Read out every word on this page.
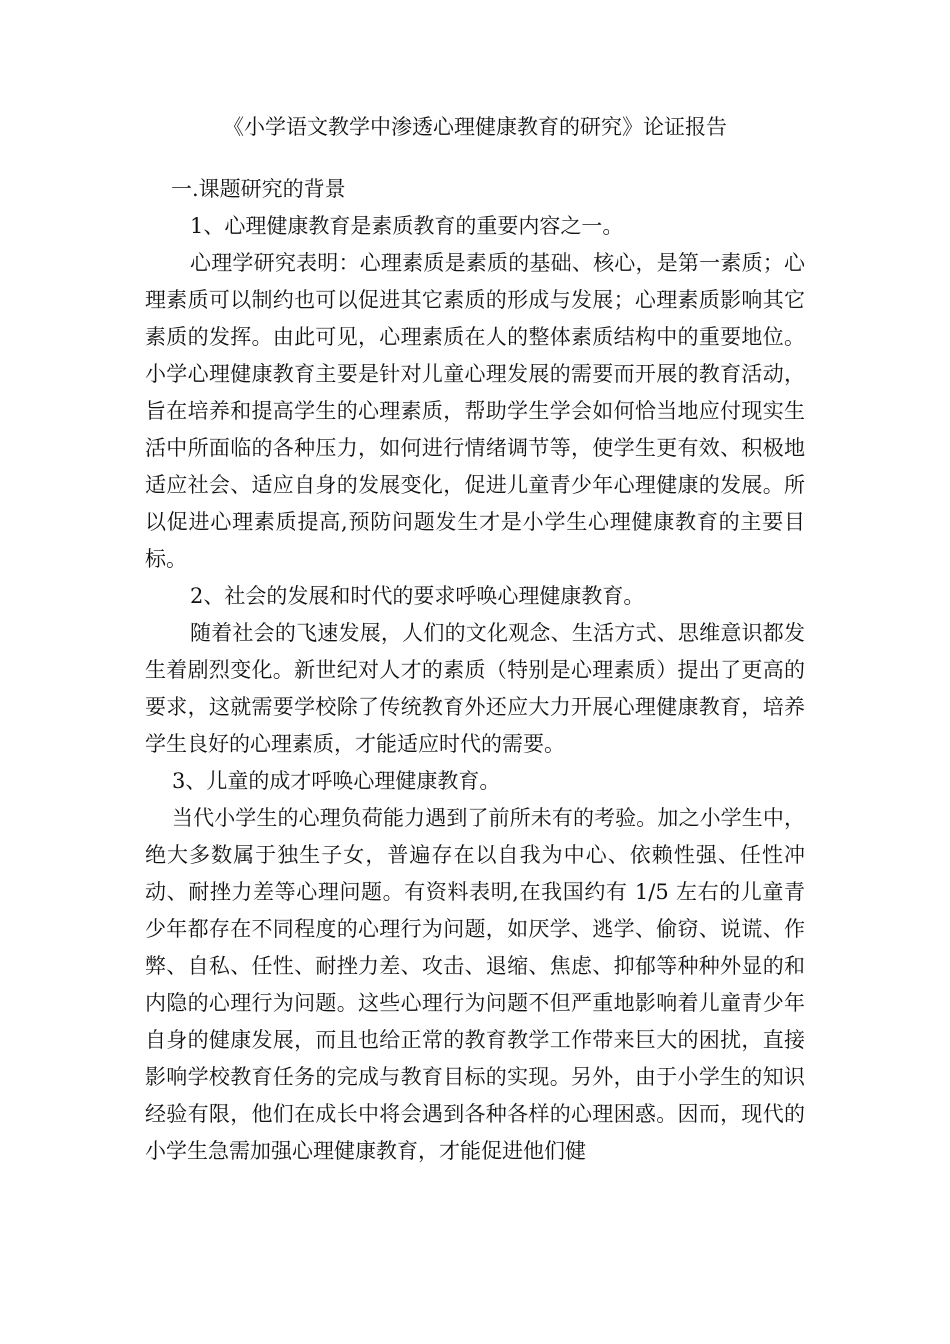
《小学语文教学中渗透心理健康教育的研究》论证报告

一.课题研究的背景

1、心理健康教育是素质教育的重要内容之一。

心理学研究表明：心理素质是素质的基础、核心，是第一素质；心理素质可以制约也可以促进其它素质的形成与发展；心理素质影响其它素质的发挥。由此可见，心理素质在人的整体素质结构中的重要地位。小学心理健康教育主要是针对儿童心理发展的需要而开展的教育活动，旨在培养和提高学生的心理素质，帮助学生学会如何恰当地应付现实生活中所面临的各种压力，如何进行情绪调节等，使学生更有效、积极地适应社会、适应自身的发展变化，促进儿童青少年心理健康的发展。所以促进心理素质提高,预防问题发生才是小学生心理健康教育的主要目标。

2、社会的发展和时代的要求呼唤心理健康教育。

随着社会的飞速发展，人们的文化观念、生活方式、思维意识都发生着剧烈变化。新世纪对人才的素质（特别是心理素质）提出了更高的要求，这就需要学校除了传统教育外还应大力开展心理健康教育，培养学生良好的心理素质，才能适应时代的需要。

3、儿童的成才呼唤心理健康教育。

当代小学生的心理负荷能力遇到了前所未有的考验。加之小学生中，绝大多数属于独生子女，普遍存在以自我为中心、依赖性强、任性冲动、耐挫力差等心理问题。有资料表明,在我国约有 1/5 左右的儿童青少年都存在不同程度的心理行为问题，如厌学、逃学、偷窃、说谎、作弊、自私、任性、耐挫力差、攻击、退缩、焦虑、抑郁等种种外显的和内隐的心理行为问题。这些心理行为问题不但严重地影响着儿童青少年自身的健康发展，而且也给正常的教育教学工作带来巨大的困扰，直接影响学校教育任务的完成与教育目标的实现。另外，由于小学生的知识经验有限，他们在成长中将会遇到各种各样的心理困惑。因而，现代的小学生急需加强心理健康教育，才能促进他们健
